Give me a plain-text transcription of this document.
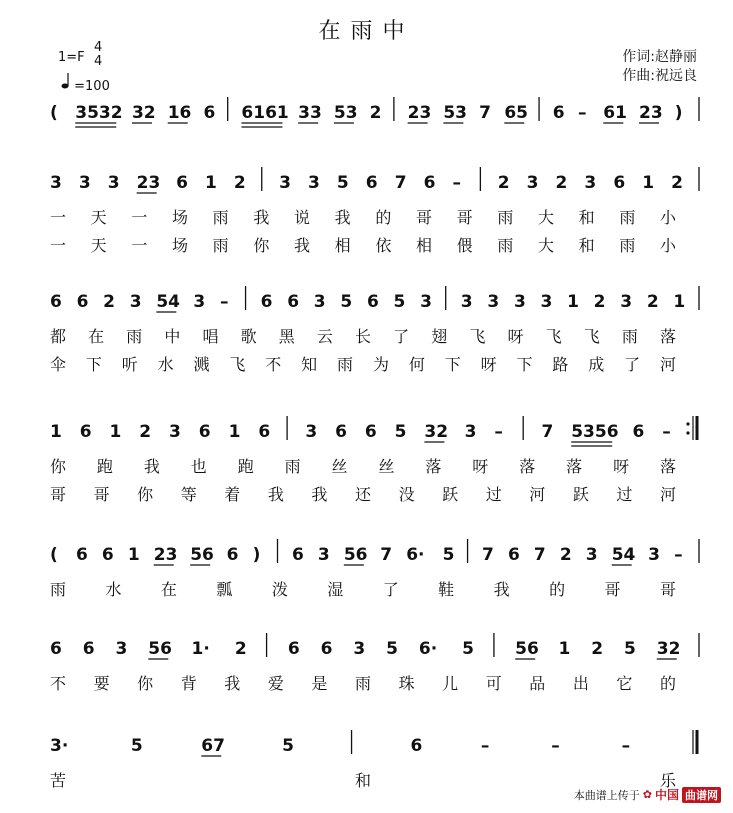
在雨中
1=F
4
4
=100
作词:赵静丽
作曲:祝远良
( 3532 32 16 6 6161 33 53 2 23 53 7 65 6 – 61 23 )
3 3 3 23 6 1 2 3 3 5 6 7 6 – 2 3 2 3 6 1 2
一 天 一 场 雨 我 说 我 的 哥 哥 雨 大 和 雨 小
一 天 一 场 雨 你 我 相 依 相 偎 雨 大 和 雨 小
6 6 2 3 54 3 – 6 6 3 5 6 5 3 3 3 3 3 1 2 3 2 1
都 在 雨 中 唱 歌 黑 云 长 了 翅 飞 呀 飞 飞 雨 落
伞 下 听 水 溅 飞 不 知 雨 为 何 下 呀 下 路 成 了 河
1 6 1 2 3 6 1 6 3 6 6 5 32 3 – 7 5356 6 –
你 跑 我 也 跑 雨 丝 丝 落 呀 落 落 呀 落
哥 哥 你 等 着 我 我 还 没 跃 过 河 跃 过 河
( 6 6 1 23 56 6 ) 6 3 56 7 6· 5 7 6 7 2 3 54 3 –
雨 水 在 瓢 泼 湿 了 鞋 我 的 哥 哥
6 6 3 56 1· 2 6 6 3 5 6· 5 56 1 2 5 32
不 要 你 背 我 爱 是 雨 珠 儿 可 品 出 它 的
3·	5	67	5	6	–	–	–
苦	和	乐
本曲谱上传于 ✿ 中国 曲谱网
